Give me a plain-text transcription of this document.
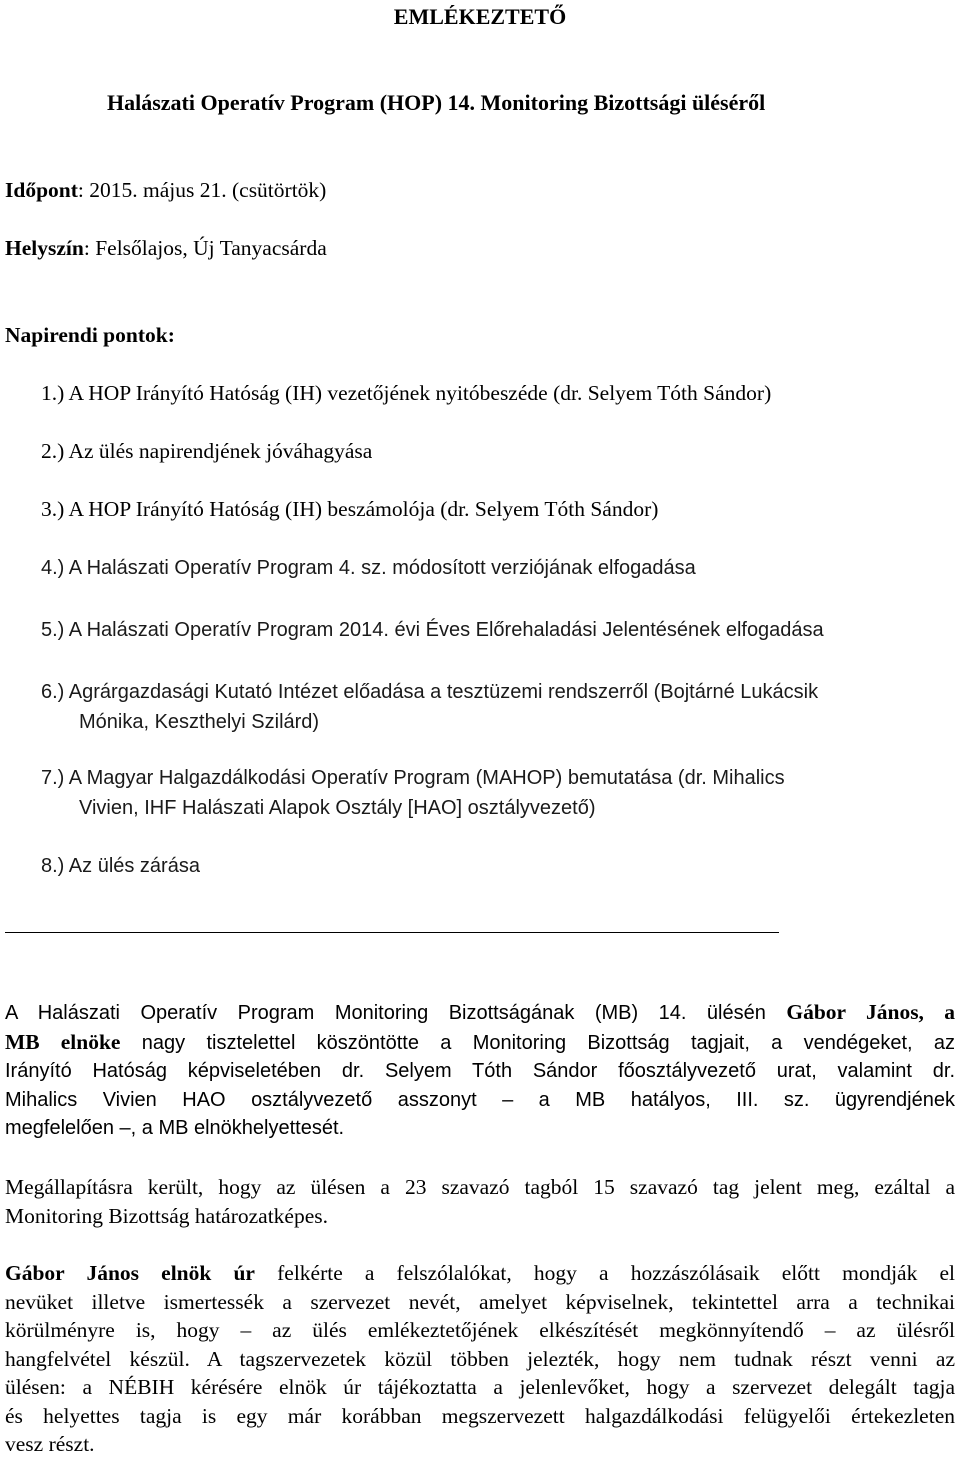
EMLÉKEZTETŐ
Halászati Operatív Program (HOP) 14. Monitoring Bizottsági üléséről
Időpont: 2015. május 21. (csütörtök)
Helyszín: Felsőlajos, Új Tanyacsárda
Napirendi pontok:
1.) A HOP Irányító Hatóság (IH) vezetőjének nyitóbeszéde (dr. Selyem Tóth Sándor)
2.) Az ülés napirendjének jóváhagyása
3.) A HOP Irányító Hatóság (IH) beszámolója (dr. Selyem Tóth Sándor)
4.) A Halászati Operatív Program 4. sz. módosított verziójának elfogadása
5.) A Halászati Operatív Program 2014. évi Éves Előrehaladási Jelentésének elfogadása
6.) Agrárgazdasági Kutató Intézet előadása a tesztüzemi rendszerről (Bojtárné Lukácsik
Mónika, Keszthelyi Szilárd)
7.) A Magyar Halgazdálkodási Operatív Program (MAHOP) bemutatása (dr. Mihalics
Vivien, IHF Halászati Alapok Osztály [HAO] osztályvezető)
8.) Az ülés zárása
A Halászati Operatív Program Monitoring Bizottságának (MB) 14. ülésén Gábor János, a
MB elnöke nagy tisztelettel köszöntötte a Monitoring Bizottság tagjait, a vendégeket, az
Irányító Hatóság képviseletében dr. Selyem Tóth Sándor főosztályvezető urat, valamint dr.
Mihalics Vivien HAO osztályvezető asszonyt – a MB hatályos, III. sz. ügyrendjének
megfelelően –, a MB elnökhelyettesét.
Megállapításra került, hogy az ülésen a 23 szavazó tagból 15 szavazó tag jelent meg, ezáltal a
Monitoring Bizottság határozatképes.
Gábor János elnök úr felkérte a felszólalókat, hogy a hozzászólásaik előtt mondják el
nevüket illetve ismertessék a szervezet nevét, amelyet képviselnek, tekintettel arra a technikai
körülményre is, hogy – az ülés emlékeztetőjének elkészítését megkönnyítendő – az ülésről
hangfelvétel készül. A tagszervezetek közül többen jelezték, hogy nem tudnak részt venni az
ülésen: a NÉBIH kérésére elnök úr tájékoztatta a jelenlevőket, hogy a szervezet delegált tagja
és helyettes tagja is egy már korábban megszervezett halgazdálkodási felügyelői értekezleten
vesz részt.
